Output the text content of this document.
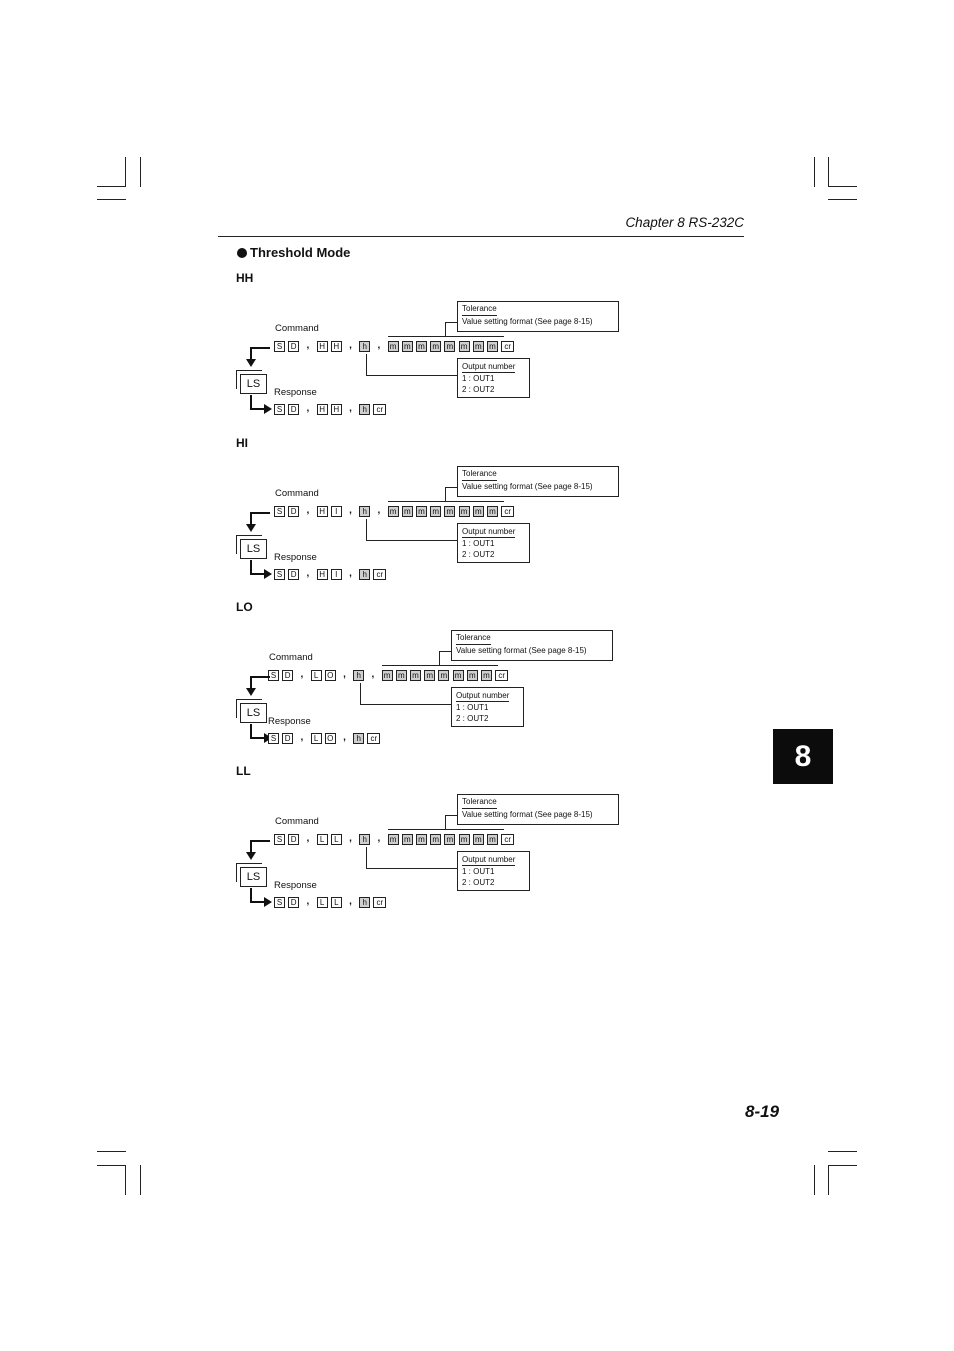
Chapter 8 RS-232C
Threshold Mode
HH
Tolerance
Value setting format (See page 8-15)
Command
S	D ,	H	H ,	h	,	m m m m m m m m	cr
Output number
1 : OUT1
2 : OUT2
LS
Response
S	D ,	H	H ,	h	cr
HI
Tolerance
Value setting format (See page 8-15)
Command
S	D ,	H	I	,	h	,	m m m m m m m m	cr
Output number
1 : OUT1
2 : OUT2
LS
Response
S	D ,	H	I	,	h	cr
LO
Tolerance
Value setting format (See page 8-15)
Command
S	D ,	L	O ,	h	,	m m m m m m m m	cr
Output number
1 : OUT1
2 : OUT2
LS
Response
S	D ,	L	O ,	h	cr
LL
Tolerance
Value setting format (See page 8-15)
Command
S	D ,	L	L	,	h	,	m m m m m m m m	cr
Output number
1 : OUT1
2 : OUT2
LS
Response
S	D ,	L	L	,	h	cr
8
8-19
